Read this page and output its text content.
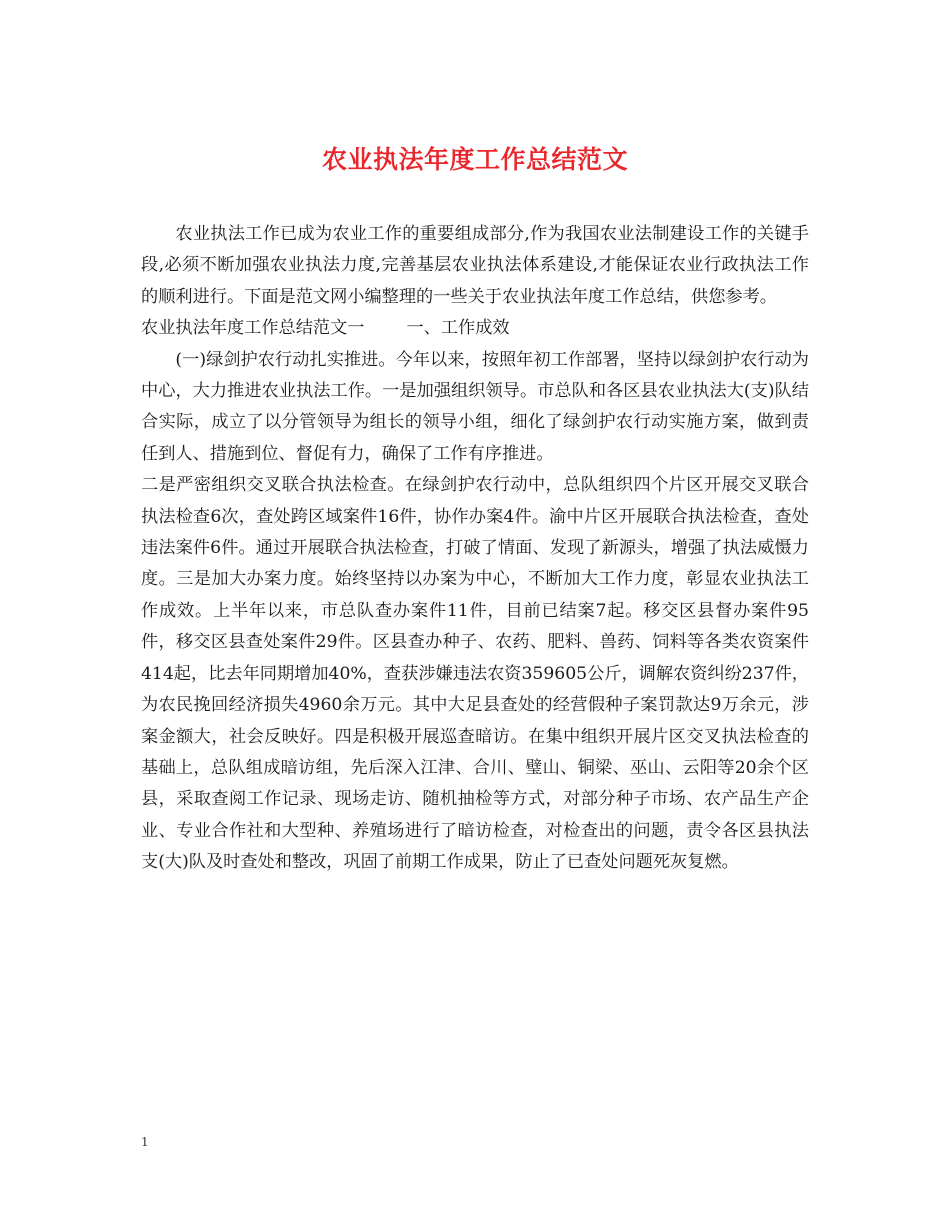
农业执法年度工作总结范文

农业执法工作已成为农业工作的重要组成部分,作为我国农业法制建设工作的关键手段,必须不断加强农业执法力度,完善基层农业执法体系建设,才能保证农业行政执法工作的顺利进行。下面是范文网小编整理的一些关于农业执法年度工作总结，供您参考。

农业执法年度工作总结范文一 一、工作成效

(一)绿剑护农行动扎实推进。今年以来，按照年初工作部署，坚持以绿剑护农行动为中心，大力推进农业执法工作。一是加强组织领导。市总队和各区县农业执法大(支)队结合实际，成立了以分管领导为组长的领导小组，细化了绿剑护农行动实施方案，做到责任到人、措施到位、督促有力，确保了工作有序推进。

二是严密组织交叉联合执法检查。在绿剑护农行动中，总队组织四个片区开展交叉联合执法检查6次，查处跨区域案件16件，协作办案4件。渝中片区开展联合执法检查，查处违法案件6件。通过开展联合执法检查，打破了情面、发现了新源头，增强了执法威慑力度。三是加大办案力度。始终坚持以办案为中心，不断加大工作力度，彰显农业执法工作成效。上半年以来，市总队查办案件11件，目前已结案7起。移交区县督办案件95件，移交区县查处案件29件。区县查办种子、农药、肥料、兽药、饲料等各类农资案件414起，比去年同期增加40%，查获涉嫌违法农资359605公斤，调解农资纠纷237件，为农民挽回经济损失4960余万元。其中大足县查处的经营假种子案罚款达9万余元，涉案金额大，社会反映好。四是积极开展巡查暗访。在集中组织开展片区交叉执法检查的基础上，总队组成暗访组，先后深入江津、合川、璧山、铜梁、巫山、云阳等20余个区县，采取查阅工作记录、现场走访、随机抽检等方式，对部分种子市场、农产品生产企业、专业合作社和大型种、养殖场进行了暗访检查，对检查出的问题，责令各区县执法支(大)队及时查处和整改，巩固了前期工作成果，防止了已查处问题死灰复燃。

1
